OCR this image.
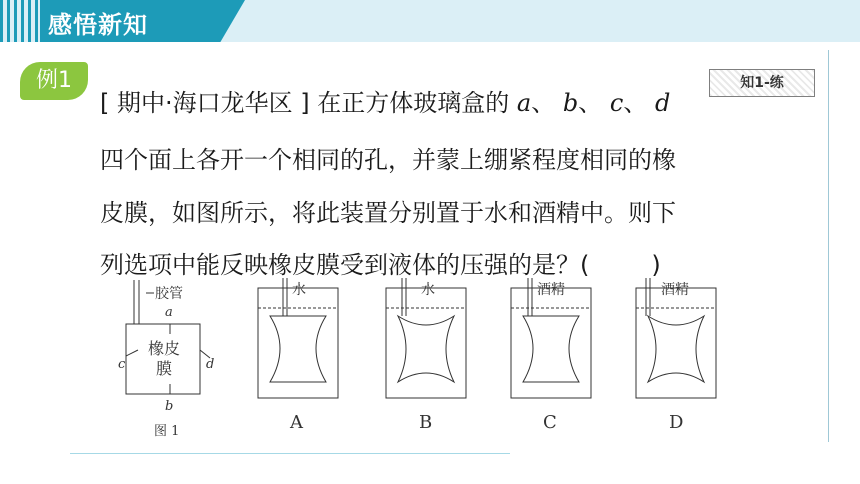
感悟新知
例1	知1-练
[ 期中·海口龙华区 ] 在正方体玻璃盒的 a、 b、 c、 d
四个面上各开一个相同的孔，并蒙上绷紧程度相同的橡
皮膜，如图所示，将此装置分别置于水和酒精中。则下
列选项中能反映橡皮膜受到液体的压强的是？(	)
胶管
a
橡皮
膜
c	d
b
图 1
水
A
水
B
酒精
C
酒精
D
